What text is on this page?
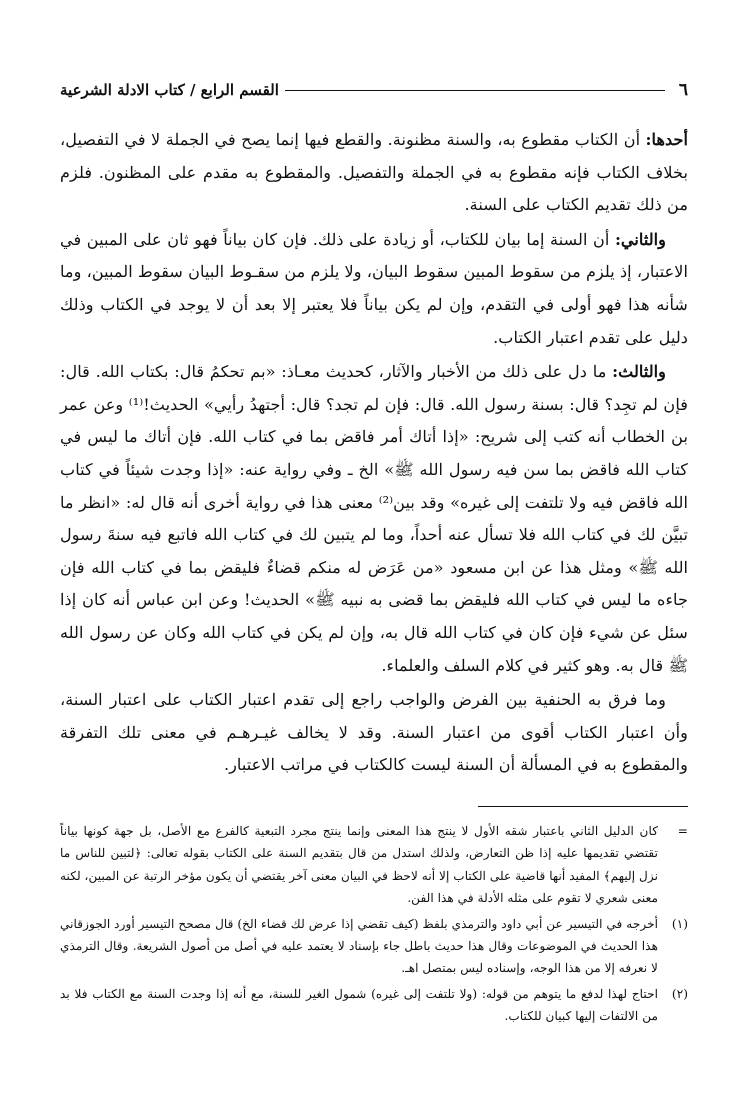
٦
القسم الرابع / كتاب الادلة الشرعية

أحدها: أن الكتاب مقطوع به، والسنة مظنونة. والقطع فيها إنما يصح في الجملة لا في التفصيل، بخلاف الكتاب فإنه مقطوع به في الجملة والتفصيل. والمقطوع به مقدم على المظنون. فلزم من ذلك تقديم الكتاب على السنة.

والثاني: أن السنة إما بيان للكتاب، أو زيادة على ذلك. فإن كان بياناً فهو ثان على المبين في الاعتبار، إذ يلزم من سقوط المبين سقوط البيان، ولا يلزم من سقـوط البيان سقوط المبين، وما شأنه هذا فهو أولى في التقدم، وإن لم يكن بياناً فلا يعتبر إلا بعد أن لا يوجد في الكتاب وذلك دليل على تقدم اعتبار الكتاب.

والثالث: ما دل على ذلك من الأخبار والآثار، كحديث معـاذ: «بم تحكمُ قال: بكتاب الله. قال: فإن لم تجِد؟ قال: بسنة رسول الله. قال: فإن لم تجد؟ قال: أجتهدُ رأيي» الحديث!⁽¹⁾ وعن عمر بن الخطاب أنه كتب إلى شريح: «إذا أتاك أمر فاقض بما في كتاب الله. فإن أتاك ما ليس في كتاب الله فاقض بما سن فيه رسول الله ﷺ» الخ ـ وفي رواية عنه: «إذا وجدت شيئاً في كتاب الله فاقض فيه ولا تلتفت إلى غيره» وقد بين⁽²⁾ معنى هذا في رواية أخرى أنه قال له: «انظر ما تبيَّن لك في كتاب الله فلا تسأل عنه أحداً، وما لم يتبين لك في كتاب الله فاتبع فيه سنةَ رسول الله ﷺ» ومثل هذا عن ابن مسعود «من عَرَض له منكم قضاءٌ فليقض بما في كتاب الله فإن جاءه ما ليس في كتاب الله فليقض بما قضى به نبيه ﷺ» الحديث! وعن ابن عباس أنه كان إذا سئل عن شيء فإن كان في كتاب الله قال به، وإن لم يكن في كتاب الله وكان عن رسول الله ﷺ قال به. وهو كثير في كلام السلف والعلماء.

وما فرق به الحنفية بين الفرض والواجب راجع إلى تقدم اعتبار الكتاب على اعتبار السنة، وأن اعتبار الكتاب أقوى من اعتبار السنة. وقد لا يخالف غيـرهـم في معنى تلك التفرقة والمقطوع به في المسألة أن السنة ليست كالكتاب في مراتب الاعتبار.

=
كان الدليل الثاني باعتبار شقه الأول لا ينتج هذا المعنى وإنما ينتج مجرد التبعية كالفرع مع الأصل، بل جهة كونها بياناً تقتضي تقديمها عليه إذا ظن التعارض، ولذلك استدل من قال بتقديم السنة على الكتاب بقوله تعالى: ﴿لتبين للناس ما نزل إليهم﴾ المفيد أنها قاضية على الكتاب إلا أنه لاحظ في البيان معنى آخر يقتضي أن يكون مؤخر الرتبة عن المبين، لكنه معنى شعري لا تقوم على مثله الأدلة في هذا الفن.
(١)
أخرجه في التيسير عن أبي داود والترمذي بلفظ (كيف تقضي إذا عرض لك قضاء الخ) قال مصحح التيسير أورد الجوزقاني هذا الحديث في الموضوعات وقال هذا حديث باطل جاء بإسناد لا يعتمد عليه في أصل من أصول الشريعة. وقال الترمذي لا نعرفه إلا من هذا الوجه، وإسناده ليس بمتصل اهـ.
(٢)
احتاج لهذا لدفع ما يتوهم من قوله: (ولا تلتفت إلى غيره) شمول الغير للسنة، مع أنه إذا وجدت السنة مع الكتاب فلا بد من الالتفات إليها كبيان للكتاب.
